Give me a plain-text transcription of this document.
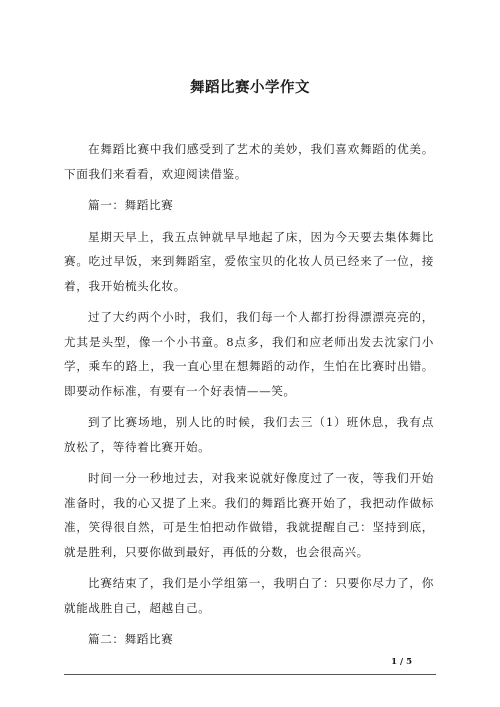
舞蹈比赛小学作文

在舞蹈比赛中我们感受到了艺术的美妙，我们喜欢舞蹈的优美。下面我们来看看，欢迎阅读借鉴。

篇一：舞蹈比赛

星期天早上，我五点钟就早早地起了床，因为今天要去集体舞比赛。吃过早饭，来到舞蹈室，爱侬宝贝的化妆人员已经来了一位，接着，我开始梳头化妆。

过了大约两个小时，我们，我们每一个人都打扮得漂漂亮亮的，尤其是头型，像一个小书童。8点多，我们和应老师出发去沈家门小学，乘车的路上，我一直心里在想舞蹈的动作，生怕在比赛时出错。即要动作标准，有要有一个好表情——笑。

到了比赛场地，别人比的时候，我们去三（1）班休息，我有点放松了，等待着比赛开始。

时间一分一秒地过去，对我来说就好像度过了一夜，等我们开始准备时，我的心又提了上来。我们的舞蹈比赛开始了，我把动作做标准，笑得很自然，可是生怕把动作做错，我就提醒自己：坚持到底，就是胜利，只要你做到最好，再低的分数，也会很高兴。

比赛结束了，我们是小学组第一，我明白了：只要你尽力了，你就能战胜自己，超越自己。

篇二：舞蹈比赛

1 / 5
